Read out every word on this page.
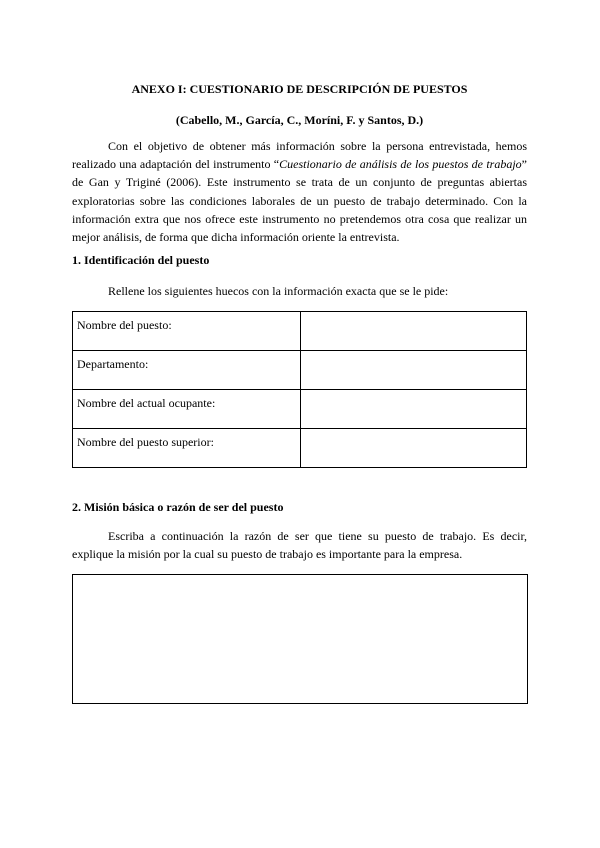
ANEXO I: CUESTIONARIO DE DESCRIPCIÓN DE PUESTOS
(Cabello, M., García, C., Moríni, F. y Santos, D.)

Con el objetivo de obtener más información sobre la persona entrevistada, hemos realizado una adaptación del instrumento “Cuestionario de análisis de los puestos de trabajo” de Gan y Triginé (2006). Este instrumento se trata de un conjunto de preguntas abiertas exploratorias sobre las condiciones laborales de un puesto de trabajo determinado. Con la información extra que nos ofrece este instrumento no pretendemos otra cosa que realizar un mejor análisis, de forma que dicha información oriente la entrevista.

1. Identificación del puesto

Rellene los siguientes huecos con la información exacta que se le pide:

Nombre del puesto:	
Departamento:	
Nombre del actual ocupante:	
Nombre del puesto superior:	
2. Misión básica o razón de ser del puesto

Escriba a continuación la razón de ser que tiene su puesto de trabajo. Es decir, explique la misión por la cual su puesto de trabajo es importante para la empresa.
